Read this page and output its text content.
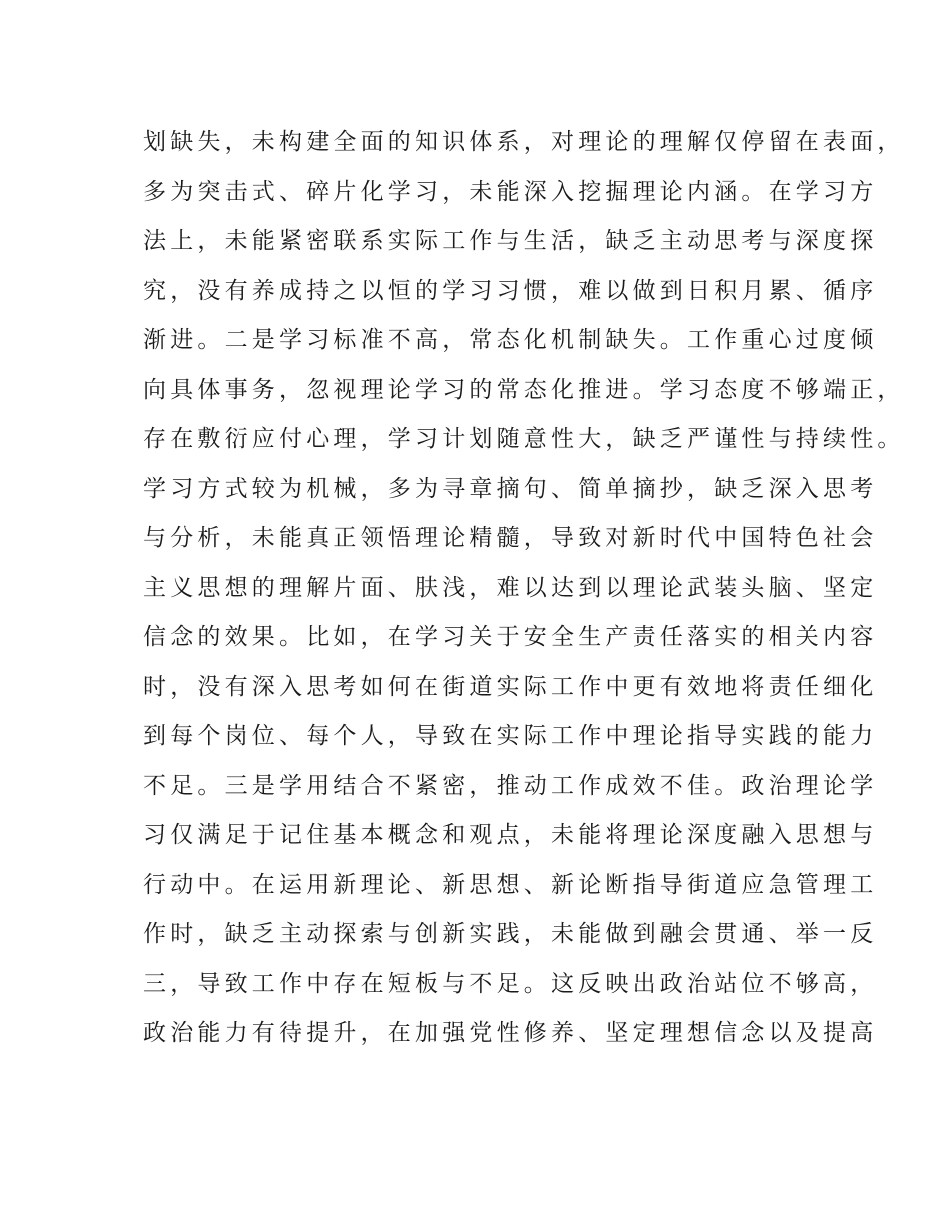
划缺失，未构建全面的知识体系，对理论的理解仅停留在表面，
多为突击式、碎片化学习，未能深入挖掘理论内涵。在学习方
法上，未能紧密联系实际工作与生活，缺乏主动思考与深度探
究，没有养成持之以恒的学习习惯，难以做到日积月累、循序
渐进。二是学习标准不高，常态化机制缺失。工作重心过度倾
向具体事务，忽视理论学习的常态化推进。学习态度不够端正，
存在敷衍应付心理，学习计划随意性大，缺乏严谨性与持续性。
学习方式较为机械，多为寻章摘句、简单摘抄，缺乏深入思考
与分析，未能真正领悟理论精髓，导致对新时代中国特色社会
主义思想的理解片面、肤浅，难以达到以理论武装头脑、坚定
信念的效果。比如，在学习关于安全生产责任落实的相关内容
时，没有深入思考如何在街道实际工作中更有效地将责任细化
到每个岗位、每个人，导致在实际工作中理论指导实践的能力
不足。三是学用结合不紧密，推动工作成效不佳。政治理论学
习仅满足于记住基本概念和观点，未能将理论深度融入思想与
行动中。在运用新理论、新思想、新论断指导街道应急管理工
作时，缺乏主动探索与创新实践，未能做到融会贯通、举一反
三，导致工作中存在短板与不足。这反映出政治站位不够高，
政治能力有待提升，在加强党性修养、坚定理想信念以及提高
